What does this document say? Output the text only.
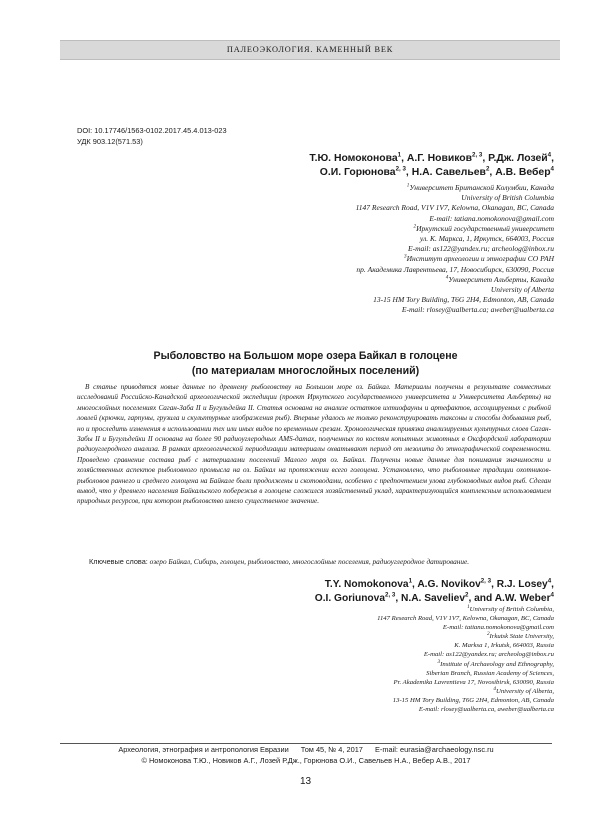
ПАЛЕОЭКОЛОГИЯ. КАМЕННЫЙ ВЕК
DOI: 10.17746/1563-0102.2017.45.4.013-023
УДК 903.12(571.53)
Т.Ю. Номоконова$^1$, А.Г. Новиков$^{2, 3}$, Р.Дж. Лозей$^4$,
О.И. Горюнова$^{2, 3}$, Н.А. Савельев$^2$, А.В. Вебер$^4$
$^1$Университет Британской Колумбии, Канада
University of British Columbia
1147 Research Road, V1V 1V7, Kelowna, Okanagan, BC, Canada
E-mail: tatiana.nomokonova@gmail.com
$^2$Иркутский государственный университет
ул. К. Маркса, 1, Иркутск, 664003, Россия
E-mail: as122@yandex.ru; archeolog@inbox.ru
$^3$Институт археологии и этнографии СО РАН
пр. Академика Лаврентьева, 17, Новосибирск, 630090, Россия
$^4$Университет Альберты, Канада
University of Alberta
13-15 HM Tory Building, T6G 2H4, Edmonton, AB, Canada
E-mail: rlosey@ualberta.ca; aweber@ualberta.ca
Рыболовство на Большом море озера Байкал в голоцене
(по материалам многослойных поселений)
В статье приводятся новые данные по древнему рыболовству на Большом море оз. Байкал. Материалы получены в результате совместных исследований Российско-Канадской археологической экспедиции (проект Иркутского государственного университета и Университета Альберты) на многослойных поселениях Саган-Заба II и Бугульдейка II. Статья основана на анализе остатков ихтиофауны и артефактов, ассоциируемых с рыбной ловлей (крючки, гарпуны, грузила и скульптурные изображения рыб). Впервые удалось не только реконструировать таксоны и способы добывания рыб, но и проследить изменения в использовании тех или иных видов по временным срезам. Хронологическая привязка анализируемых культурных слоев Саган-Забы II и Бугульдейки II основана на более 90 радиоуглеродных AMS-датах, полученных по костям копытных животных в Оксфордской лаборатории радиоуглеродного анализа. В рамках археологической периодизации материалы охватывают период от мезолита до этнографической современности. Проведено сравнение состава рыб с материалами поселений Малого моря оз. Байкал. Получены новые данные для понимания значимости и хозяйственных аспектов рыболовного промысла на оз. Байкал на протяжении всего голоцена. Установлено, что рыболовные традиции охотников-рыболовов раннего и среднего голоцена на Байкале были продолжены и скотоводами, особенно с предпочтением улова глубоководных видов рыб. Сделан вывод, что у древнего населения Байкальского побережья в голоцене сложился хозяйственный уклад, характеризующийся комплексным использованием природных ресурсов, при котором рыболовство имело существенное значение.
Ключевые слова: озеро Байкал, Сибирь, голоцен, рыболовство, многослойные поселения, радиоуглеродное датирование.
T.Y. Nomokonova$^1$, A.G. Novikov$^{2, 3}$, R.J. Losey$^4$,
O.I. Goriunova$^{2, 3}$, N.A. Saveliev$^2$, and A.W. Weber$^4$
$^1$University of British Columbia,
1147 Research Road, V1V 1V7, Kelowna, Okanagan, BC, Canada
E-mail: tatiana.nomokonova@gmail.com
$^2$Irkutsk State University,
K. Marksa 1, Irkutsk, 664003, Russia
E-mail: as122@yandex.ru; archeolog@inbox.ru
$^3$Institute of Archaeology and Ethnography,
Siberian Branch, Russian Academy of Sciences,
Pr. Akademika Lavrentieva 17, Novosibirsk, 630090, Russia
$^4$University of Alberta,
13-15 HM Tory Building, T6G 2H4, Edmonton, AB, Canada
E-mail: rlosey@ualberta.ca, aweber@ualberta.ca
Археология, этнография и антропология Евразии Том 45, № 4, 2017 E-mail: eurasia@archaeology.nsc.ru
© Номоконова Т.Ю., Новиков А.Г., Лозей Р.Дж., Горюнова О.И., Савельев Н.А., Вебер А.В., 2017
13
